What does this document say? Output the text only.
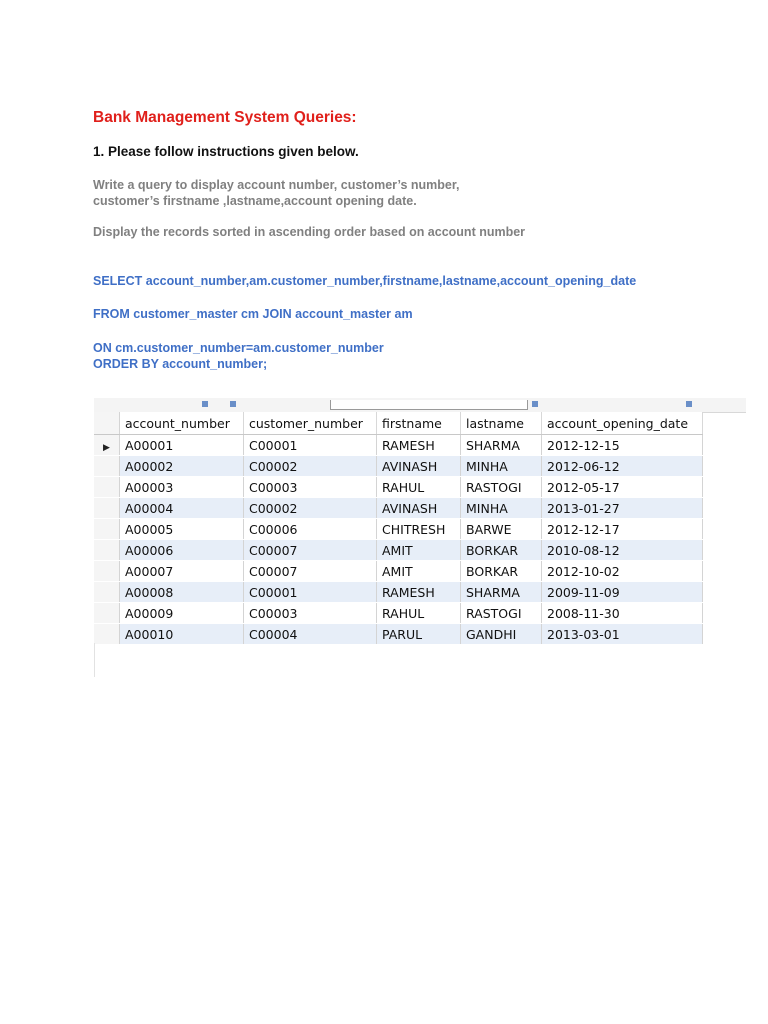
Bank Management System Queries:
1. Please follow instructions given below.

Write a query to display account number, customer’s number,

customer’s firstname ,lastname,account opening date.

Display the records sorted in ascending order based on account number

SELECT account_number,am.customer_number,firstname,lastname,account_opening_date

FROM customer_master cm JOIN account_master am

ON cm.customer_number=am.customer_number

ORDER BY account_number;

	account_number	customer_number	firstname	lastname	account_opening_date
▶	A00001	C00001	RAMESH	SHARMA	2012-12-15
	A00002	C00002	AVINASH	MINHA	2012-06-12
	A00003	C00003	RAHUL	RASTOGI	2012-05-17
	A00004	C00002	AVINASH	MINHA	2013-01-27
	A00005	C00006	CHITRESH	BARWE	2012-12-17
	A00006	C00007	AMIT	BORKAR	2010-08-12
	A00007	C00007	AMIT	BORKAR	2012-10-02
	A00008	C00001	RAMESH	SHARMA	2009-11-09
	A00009	C00003	RAHUL	RASTOGI	2008-11-30
	A00010	C00004	PARUL	GANDHI	2013-03-01
